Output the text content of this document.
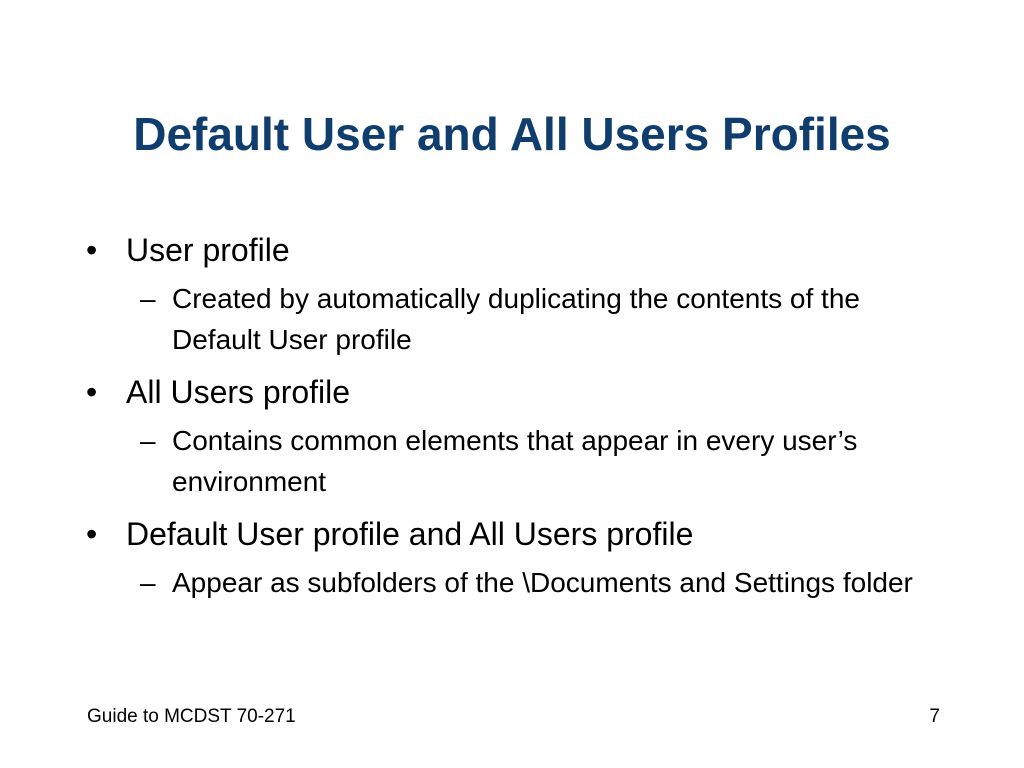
Default User and All Users Profiles
• User profile
– Created by automatically duplicating the contents of the Default User profile
• All Users profile
– Contains common elements that appear in every user’s environment
• Default User profile and All Users profile
– Appear as subfolders of the \Documents and Settings folder
Guide to MCDST 70-271	7
